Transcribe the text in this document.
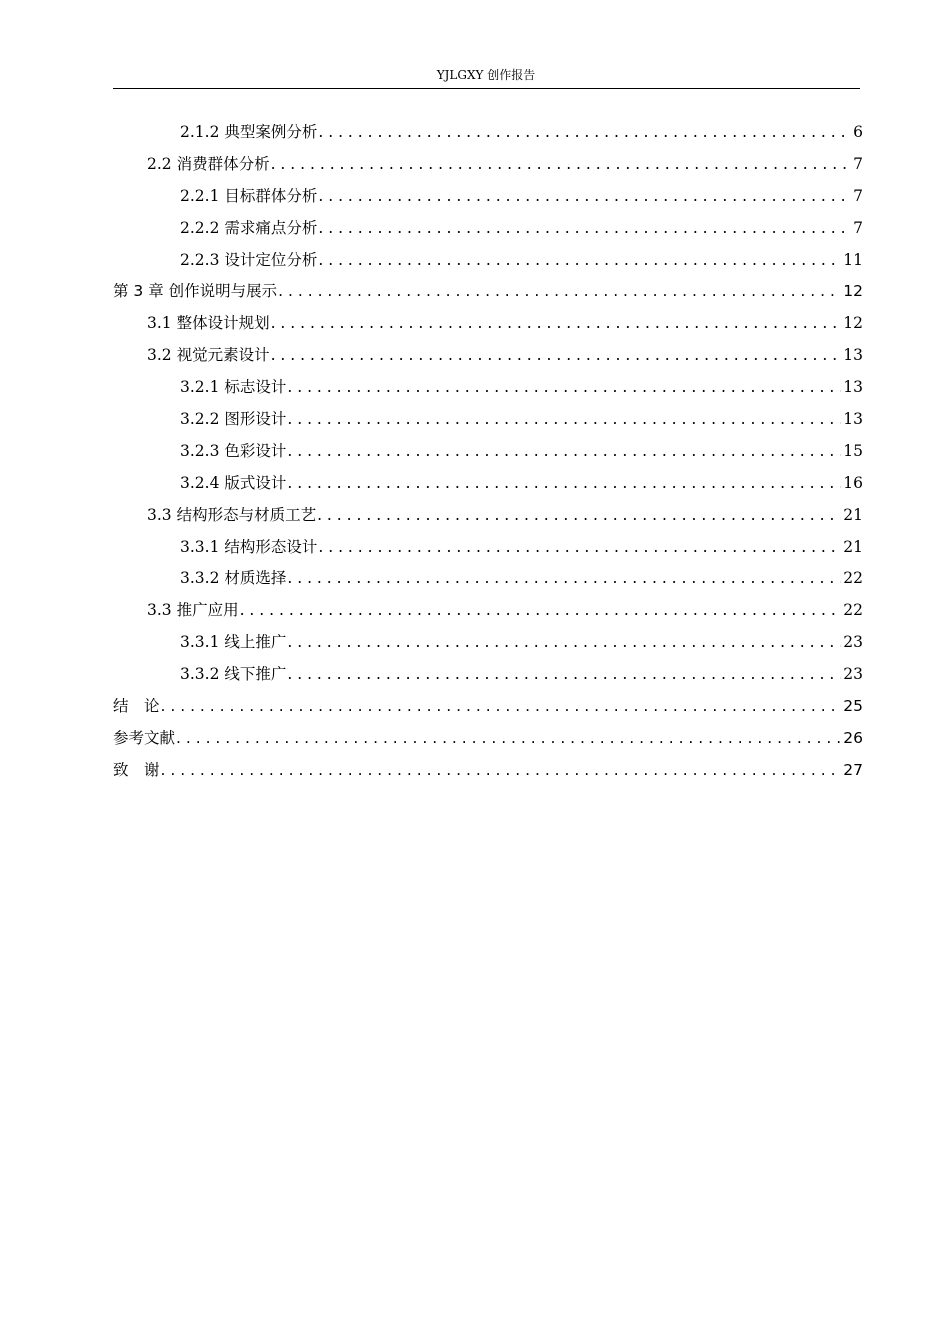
YJLGXY 创作报告
2.1.2 典型案例分析 . . .	6
2.2 消费群体分析 . . .	7
2.2.1 目标群体分析 . . .	7
2.2.2 需求痛点分析 . . .	7
2.2.3 设计定位分析 . . .	11
第 3 章 创作说明与展示 . . .	12
3.1 整体设计规划 . . .	12
3.2 视觉元素设计 . . .	13
3.2.1 标志设计 . . .	13
3.2.2 图形设计 . . .	13
3.2.3 色彩设计 . . .	15
3.2.4 版式设计 . . .	16
3.3 结构形态与材质工艺 . . .	21
3.3.1 结构形态设计 . . .	21
3.3.2 材质选择 . . .	22
3.3 推广应用 . . .	22
3.3.1 线上推广 . . .	23
3.3.2 线下推广 . . .	23
结　论 . . .	25
参考文献 . . .	26
致　谢 . . .	27
